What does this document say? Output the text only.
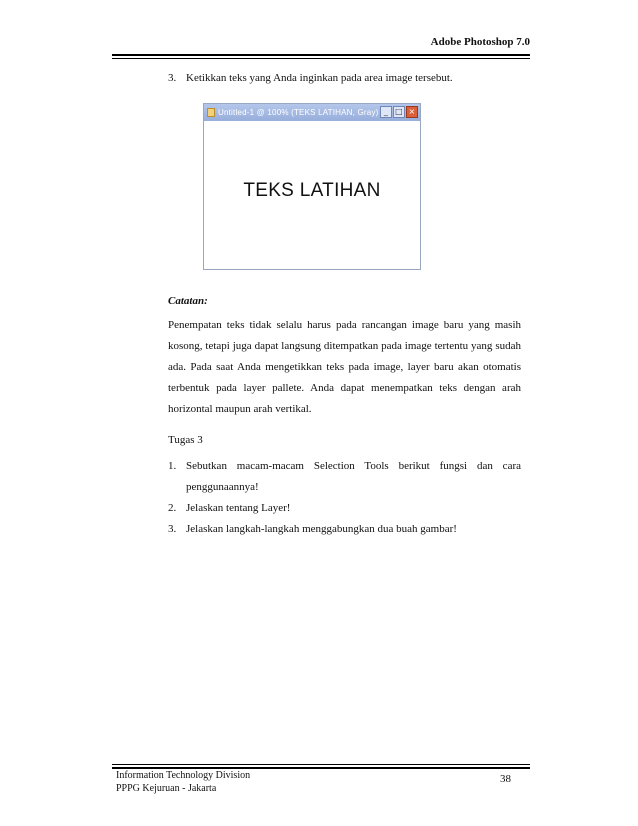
Adobe Photoshop 7.0
3. Ketikkan teks yang Anda inginkan pada area image tersebut.
Untitled-1 @ 100% (TEKS LATIHAN, Gray) _ □ ×
TEKS LATIHAN
Catatan:
Penempatan teks tidak selalu harus pada rancangan image baru yang masih kosong, tetapi juga dapat langsung ditempatkan pada image tertentu yang sudah ada. Pada saat Anda mengetikkan teks pada image, layer baru akan otomatis terbentuk pada layer pallete. Anda dapat menempatkan teks dengan arah horizontal maupun arah vertikal.
Tugas 3
1. Sebutkan macam-macam Selection Tools berikut fungsi dan cara penggunaannya!
2. Jelaskan tentang Layer!
3. Jelaskan langkah-langkah menggabungkan dua buah gambar!
Information Technology Division
PPPG Kejuruan - Jakarta
38
